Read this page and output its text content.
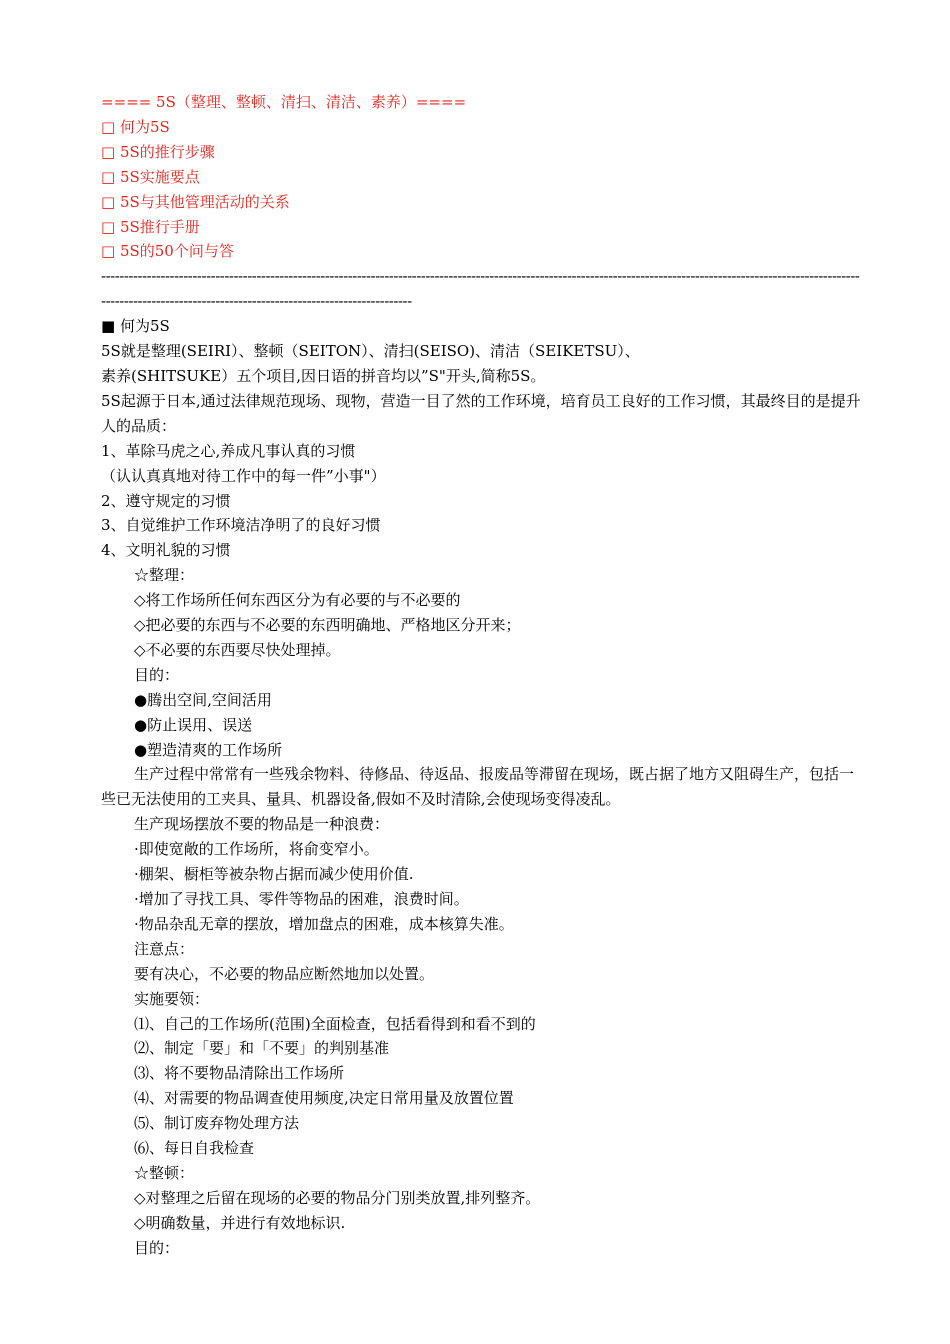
==== 5S（整理、整顿、清扫、清洁、素养）====

□ 何为5S

□ 5S的推行步骤

□ 5S实施要点

□ 5S与其他管理活动的关系

□ 5S推行手册

□ 5S的50个问与答

------------------------------------------------------------------------------------------------------------------------------------------------------------------------------------------------------------------------------------------

■ 何为5S

5S就是整理(SEIRI）、整顿（SEITON）、清扫(SEISO)、清洁（SEIKETSU）、

素养(SHITSUKE）五个项目,因日语的拼音均以”S"开头,简称5S。

5S起源于日本,通过法律规范现场、现物，营造一目了然的工作环境，培育员工良好的工作习惯，其最终目的是提升人的品质：

1、革除马虎之心,养成凡事认真的习惯

（认认真真地对待工作中的每一件”小事"）

2、遵守规定的习惯

3、自觉维护工作环境洁净明了的良好习惯

4、文明礼貌的习惯

☆整理：

◇将工作场所任何东西区分为有必要的与不必要的

◇把必要的东西与不必要的东西明确地、严格地区分开来；

◇不必要的东西要尽快处理掉。

目的：

●腾出空间,空间活用

●防止误用、误送

●塑造清爽的工作场所

生产过程中常常有一些残余物料、待修品、待返品、报废品等滞留在现场，既占据了地方又阻碍生产，包括一些已无法使用的工夹具、量具、机器设备,假如不及时清除,会使现场变得凌乱。

生产现场摆放不要的物品是一种浪费：

·即使宽敞的工作场所，将俞变窄小。

·棚架、橱柜等被杂物占据而减少使用价值.

·增加了寻找工具、零件等物品的困难，浪费时间。

·物品杂乱无章的摆放，增加盘点的困难，成本核算失准。

注意点：

要有决心，不必要的物品应断然地加以处置。

实施要领：

⑴、自己的工作场所(范围)全面检查，包括看得到和看不到的

⑵、制定「要」和「不要」的判别基准

⑶、将不要物品清除出工作场所

⑷、对需要的物品调查使用频度,决定日常用量及放置位置

⑸、制订废弃物处理方法

⑹、每日自我检查

☆整顿：

◇对整理之后留在现场的必要的物品分门别类放置,排列整齐。

◇明确数量，并进行有效地标识.

目的：
